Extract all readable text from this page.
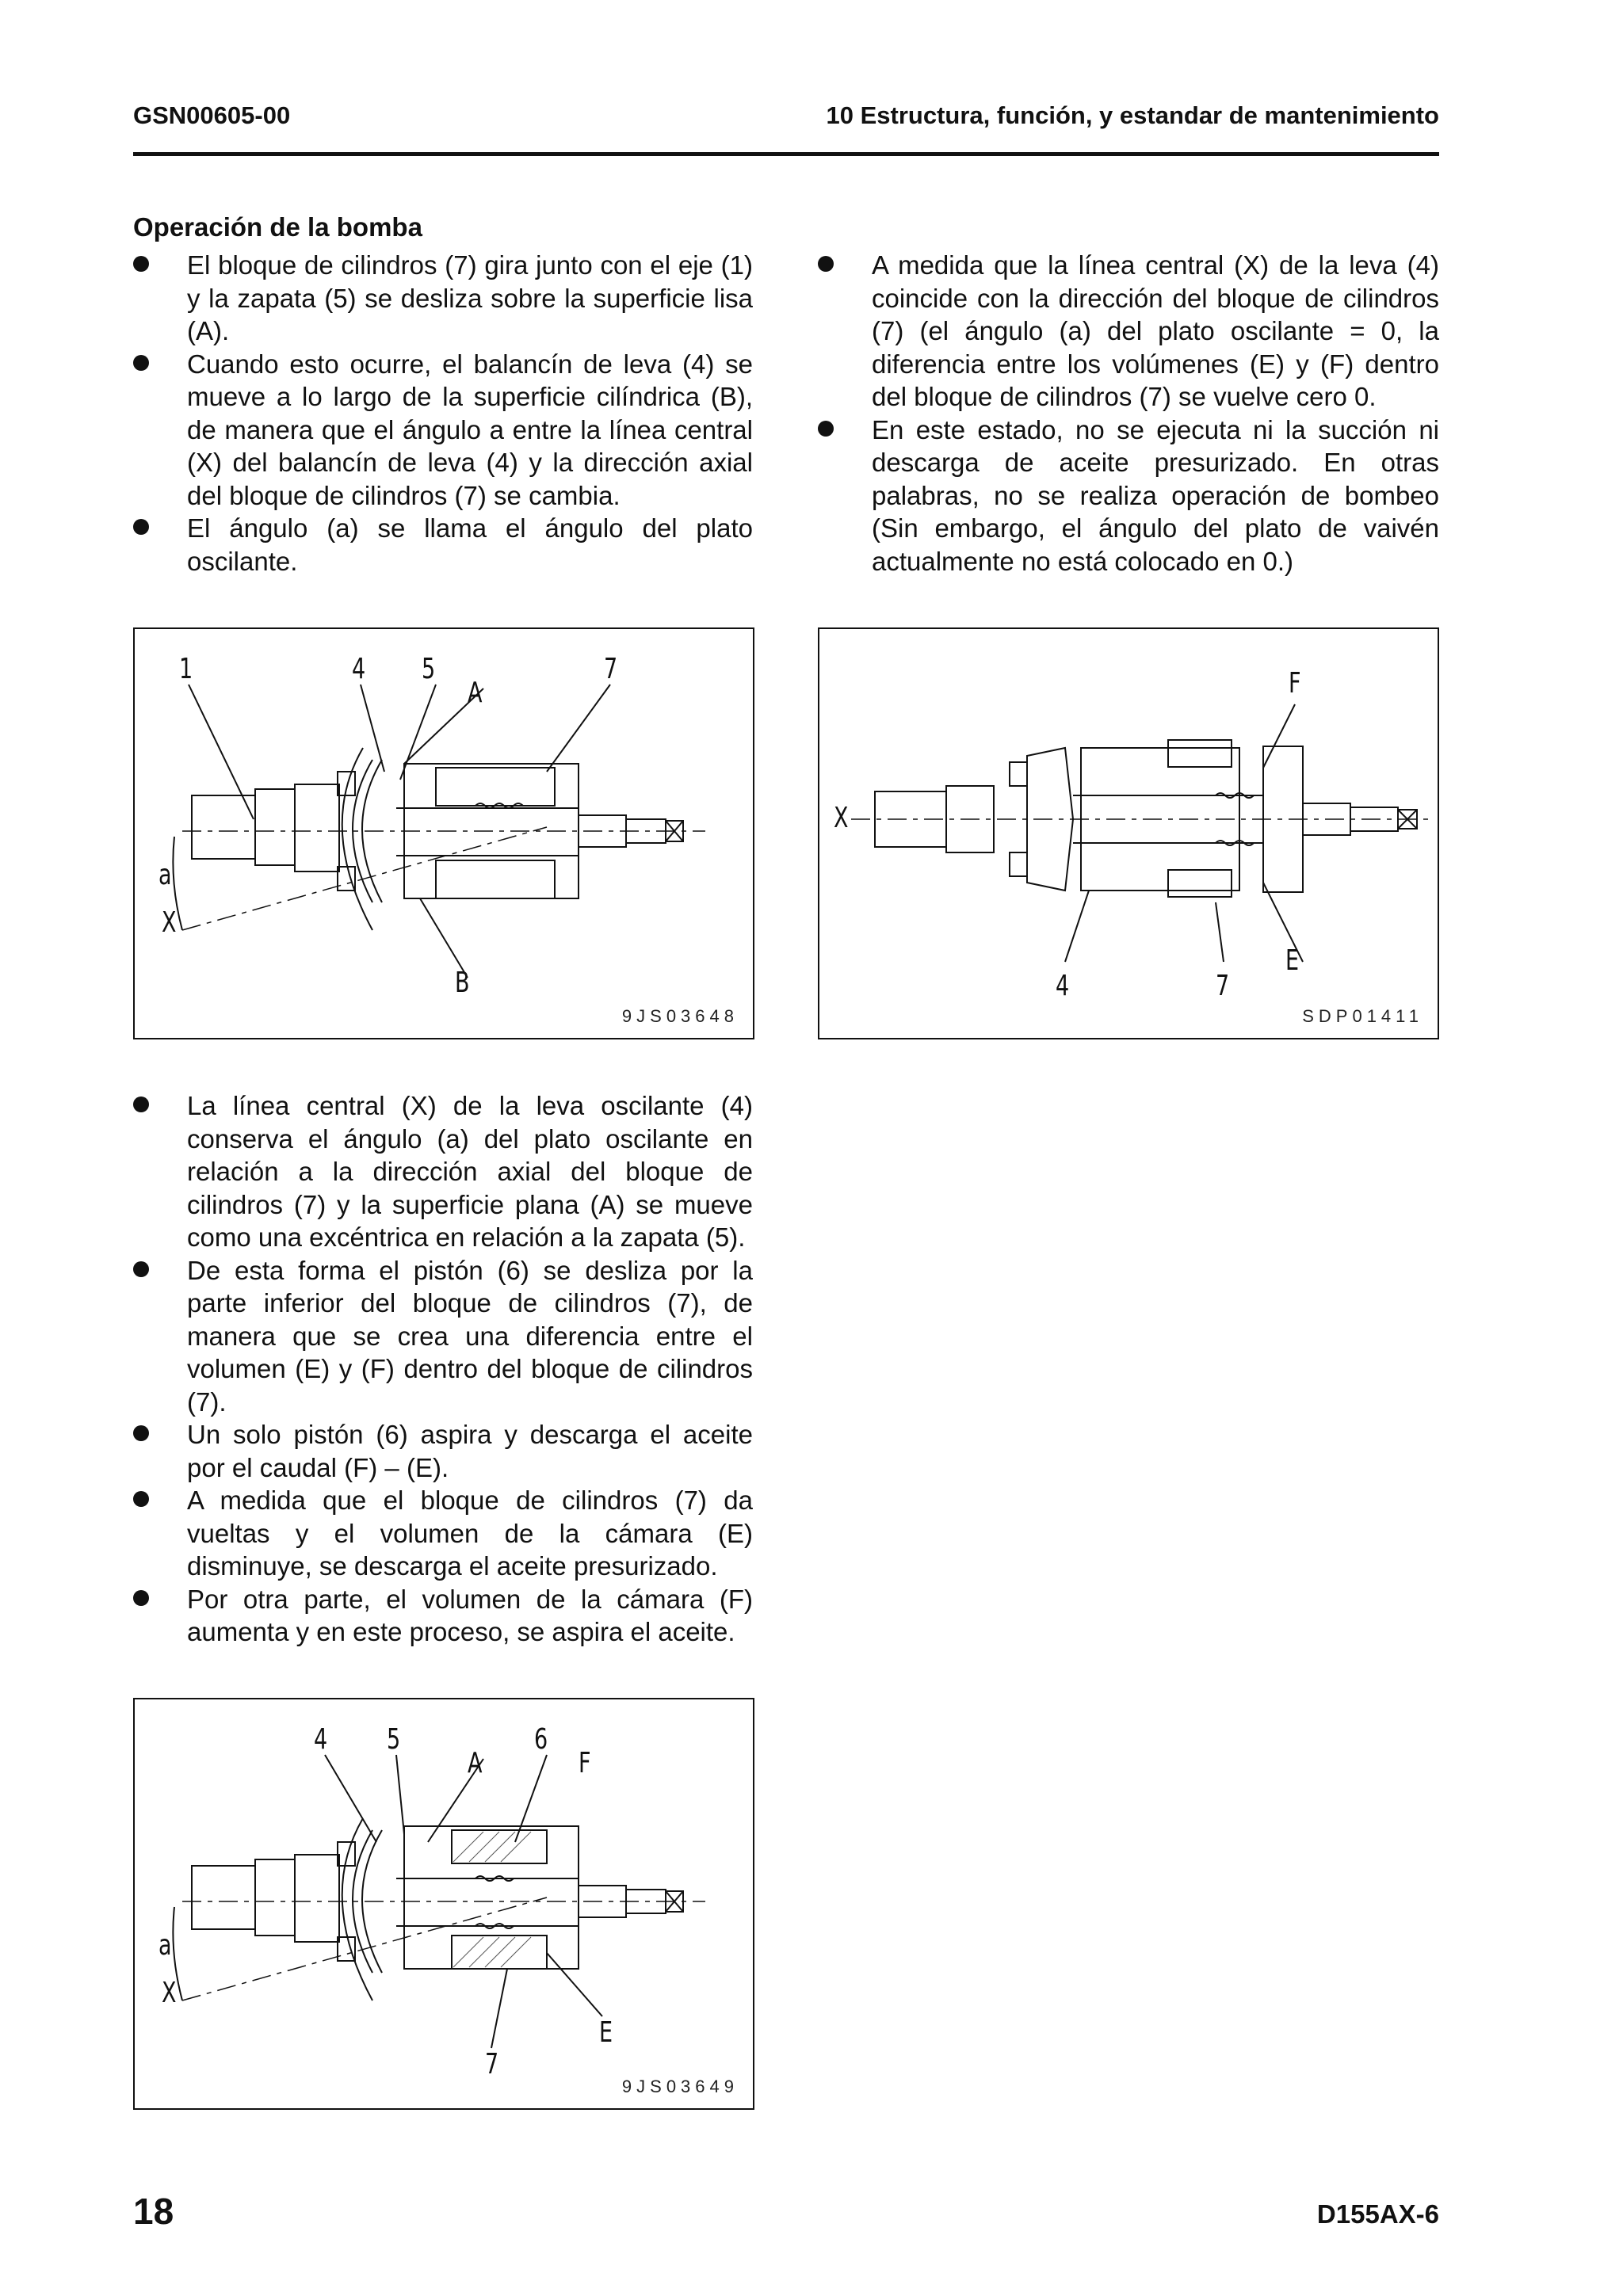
GSN00605-00	10 Estructura, función, y estandar de mantenimiento
Operación de la bomba
El bloque de cilindros (7) gira junto con el eje (1) y la zapata (5) se desliza sobre la superficie lisa (A).
Cuando esto ocurre, el balancín de leva (4) se mueve a lo largo de la superficie cilíndrica (B), de manera que el ángulo a entre la línea central (X) del balancín de leva (4) y la dirección axial del bloque de cilindros (7) se cambia.
El ángulo (a) se llama el ángulo del plato oscilante.
A medida que la línea central (X) de la leva (4) coincide con la dirección del bloque de cilindros (7) (el ángulo (a) del plato oscilante = 0, la diferencia entre los volúmenes (E) y (F) dentro del bloque de cilindros (7) se vuelve cero 0.
En este estado, no se ejecuta ni la succión ni descarga de aceite presurizado. En otras palabras, no se realiza operación de bombeo (Sin embargo, el ángulo del plato de vaivén actualmente no está colocado en 0.)
1	4 5
A
7
a
X
B
9JS03648
F
X
4	7
E
SDP01411
La línea central (X) de la leva oscilante (4) conserva el ángulo (a) del plato oscilante en relación a la dirección axial del bloque de cilindros (7) y la superficie plana (A) se mueve como una excéntrica en relación a la zapata (5).
De esta forma el pistón (6) se desliza por la parte inferior del bloque de cilindros (7), de manera que se crea una diferencia entre el volumen (E) y (F) dentro del bloque de cilindros (7).
Un solo pistón (6) aspira y descarga el aceite por el caudal (F) – (E).
A medida que el bloque de cilindros (7) da vueltas y el volumen de la cámara (E) disminuye, se descarga el aceite presurizado.
Por otra parte, el volumen de la cámara (F) aumenta y en este proceso, se aspira el aceite.
4 5
A
6
F
a
X
7
E
9JS03649
18	D155AX-6
